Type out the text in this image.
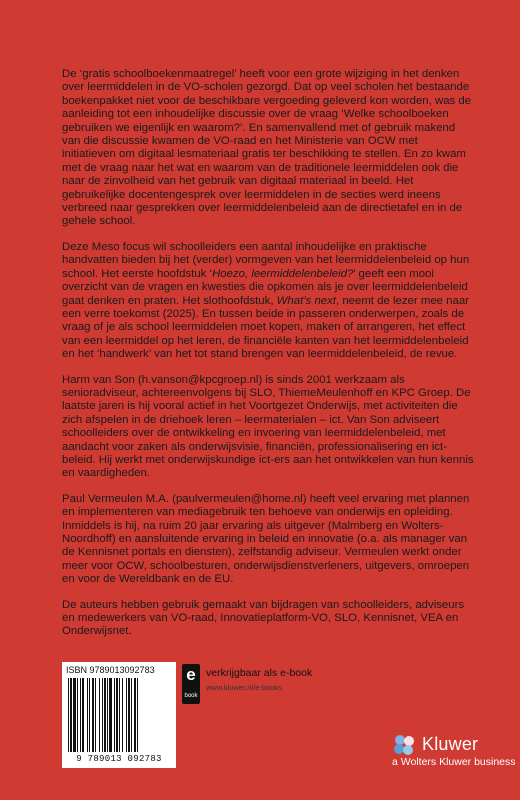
De ‘gratis schoolboekenmaatregel’ heeft voor een grote wijziging in het denken over leermiddelen in de VO-scholen gezorgd. Dat op veel scholen het bestaande boekenpakket niet voor de beschikbare vergoeding geleverd kon worden, was de aanleiding tot een inhoudelijke discussie over de vraag ‘Welke schoolboeken gebruiken we eigenlijk en waarom?’. En samenvallend met of gebruik makend van die discussie kwamen de VO-raad en het Ministerie van OCW met initiatieven om digitaal lesmateriaal gratis ter beschikking te stellen. En zo kwam met de vraag naar het wat en waarom van de traditionele leermiddelen ook die naar de zinvolheid van het gebruik van digitaal materiaal in beeld. Het gebruikelijke docentengesprek over leermiddelen in de secties werd ineens verbreed naar gesprekken over leermiddelenbeleid aan de directietafel en in de gehele school.

Deze Meso focus wil schoolleiders een aantal inhoudelijke en praktische handvatten bieden bij het (verder) vormgeven van het leermiddelenbeleid op hun school. Het eerste hoofdstuk ‘Hoezo, leermiddelenbeleid?’ geeft een mooi overzicht van de vragen en kwesties die opkomen als je over leermiddelenbeleid gaat denken en praten. Het slothoofdstuk, What’s next, neemt de lezer mee naar een verre toekomst (2025). En tussen beide in passeren onderwerpen, zoals de vraag of je als school leermiddelen moet kopen, maken of arrangeren, het effect van een leermiddel op het leren, de financiële kanten van het leermiddelenbeleid en het ‘handwerk’ van het tot stand brengen van leermiddelenbeleid, de revue.

Harm van Son (h.vanson@kpcgroep.nl) is sinds 2001 werkzaam als senioradviseur, achtereenvolgens bij SLO, ThiemeMeulenhoff en KPC Groep. De laatste jaren is hij vooral actief in het Voortgezet Onderwijs, met activiteiten die zich afspelen in de driehoek leren – leermaterialen – ict. Van Son adviseert schoolleiders over de ontwikkeling en invoering van leermiddelenbeleid, met aandacht voor zaken als onderwijsvisie, financiën, professionalisering en ict-beleid. Hij werkt met onderwijskundige ict-ers aan het ontwikkelen van hun kennis en vaardigheden.

Paul Vermeulen M.A. (paulvermeulen@home.nl) heeft veel ervaring met plannen en implementeren van mediagebruik ten behoeve van onderwijs en opleiding. Inmiddels is hij, na ruim 20 jaar ervaring als uitgever (Malmberg en Wolters-Noordhoff) en aansluitende ervaring in beleid en innovatie (o.a. als manager van de Kennisnet portals en diensten), zelfstandig adviseur. Vermeulen werkt onder meer voor OCW, schoolbesturen, onderwijsdienstverleners, uitgevers, omroepen en voor de Wereldbank en de EU.

De auteurs hebben gebruik gemaakt van bijdragen van schoolleiders, adviseurs en medewerkers van VO-raad, Innovatieplatform-VO, SLO, Kennisnet, VEA en Onderwijsnet.

ISBN 9789013092783
9 789013 092783
e
book
verkrijgbaar als e-book
www.kluwer.nl/e-books
Kluwer
a Wolters Kluwer business
